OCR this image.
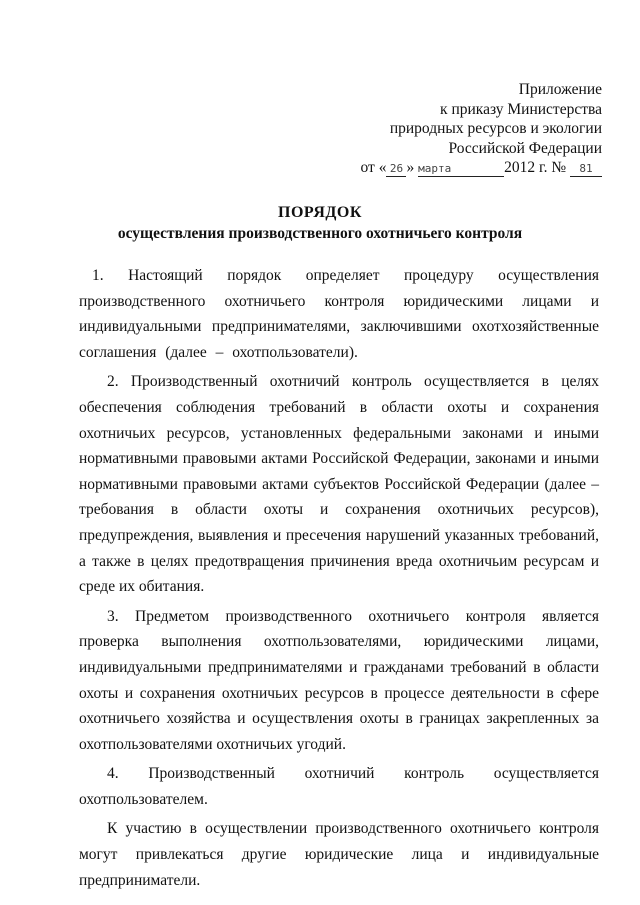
Приложение
к приказу Министерства
природных ресурсов и экологии
Российской Федерации
от « 26 » марта	2012 г. № 81
ПОРЯДОК
осуществления производственного охотничьего контроля

1. Настоящий порядок определяет процедуру осуществления производственного охотничьего контроля юридическими лицами и индивидуальными предпринимателями, заключившими охотхозяйственные соглашения (далее – охотпользователи).

2. Производственный охотничий контроль осуществляется в целях обеспечения соблюдения требований в области охоты и сохранения охотничьих ресурсов, установленных федеральными законами и иными нормативными правовыми актами Российской Федерации, законами и иными нормативными правовыми актами субъектов Российской Федерации (далее – требования в области охоты и сохранения охотничьих ресурсов), предупреждения, выявления и пресечения нарушений указанных требований, а также в целях предотвращения причинения вреда охотничьим ресурсам и среде их обитания.

3. Предметом производственного охотничьего контроля является проверка выполнения охотпользователями, юридическими лицами, индивидуальными предпринимателями и гражданами требований в области охоты и сохранения охотничьих ресурсов в процессе деятельности в сфере охотничьего хозяйства и осуществления охоты в границах закрепленных за охотпользователями охотничьих угодий.

4. Производственный охотничий контроль осуществляется охотпользователем.

К участию в осуществлении производственного охотничьего контроля могут привлекаться другие юридические лица и индивидуальные предприниматели.
